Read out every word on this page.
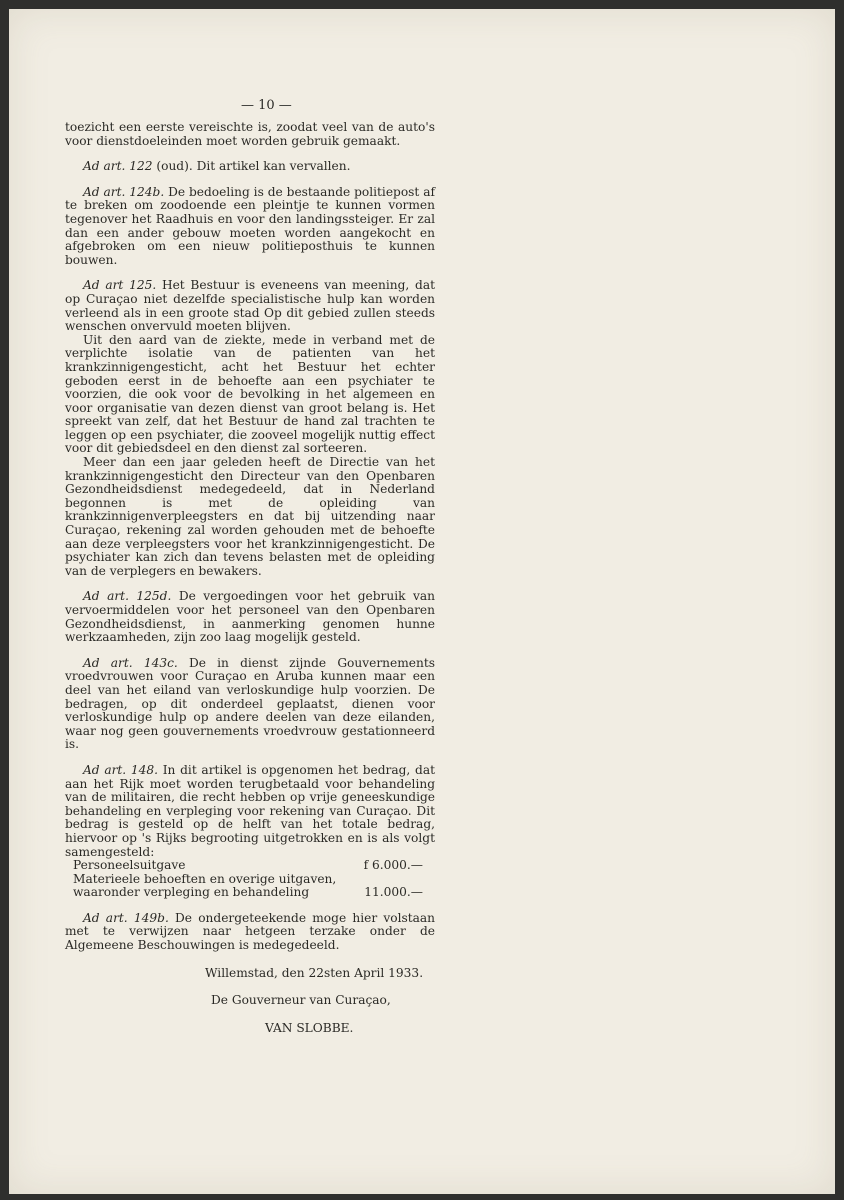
— 10 —

toezicht een eerste vereischte is, zoodat veel van de auto's voor dienstdoeleinden moet worden gebruik gemaakt.

Ad art. 122 (oud). Dit artikel kan vervallen.

Ad art. 124b. De bedoeling is de bestaande politiepost af te breken om zoodoende een pleintje te kunnen vormen tegenover het Raadhuis en voor den landingssteiger. Er zal dan een ander gebouw moeten worden aangekocht en afgebroken om een nieuw politieposthuis te kunnen bouwen.

Ad art 125. Het Bestuur is eveneens van meening, dat op Curaçao niet dezelfde specialistische hulp kan worden verleend als in een groote stad Op dit gebied zullen steeds wenschen onvervuld moeten blijven.

Uit den aard van de ziekte, mede in verband met de verplichte isolatie van de patienten van het krankzinnigengesticht, acht het Bestuur het echter geboden eerst in de behoefte aan een psychiater te voorzien, die ook voor de bevolking in het algemeen en voor organisatie van dezen dienst van groot belang is. Het spreekt van zelf, dat het Bestuur de hand zal trachten te leggen op een psychiater, die zooveel mogelijk nuttig effect voor dit gebiedsdeel en den dienst zal sorteeren.

Meer dan een jaar geleden heeft de Directie van het krankzinnigengesticht den Directeur van den Openbaren Gezondheidsdienst medegedeeld, dat in Nederland begonnen is met de opleiding van krankzinnigenverpleegsters en dat bij uitzending naar Curaçao, rekening zal worden gehouden met de behoefte aan deze verpleegsters voor het krankzinnigengesticht. De psychiater kan zich dan tevens belasten met de opleiding van de verplegers en bewakers.

Ad art. 125d. De vergoedingen voor het gebruik van vervoermiddelen voor het personeel van den Openbaren Gezondheidsdienst, in aanmerking genomen hunne werkzaamheden, zijn zoo laag mogelijk gesteld.

Ad art. 143c. De in dienst zijnde Gouvernements vroedvrouwen voor Curaçao en Aruba kunnen maar een deel van het eiland van verloskundige hulp voorzien. De bedragen, op dit onderdeel geplaatst, dienen voor verloskundige hulp op andere deelen van deze eilanden, waar nog geen gouvernements vroedvrouw gestationneerd is.

Ad art. 148. In dit artikel is opgenomen het bedrag, dat aan het Rijk moet worden terugbetaald voor behandeling van de militairen, die recht hebben op vrije geneeskundige behandeling en verpleging voor rekening van Curaçao. Dit bedrag is gesteld op de helft van het totale bedrag, hiervoor op 's Rijks begrooting uitgetrokken en is als volgt samengesteld:

Personeelsuitgave	f 6.000.—
Materieele behoeften en overige uitgaven,
waaronder verpleging en behandeling	11.000.—

Ad art. 149b. De ondergeteekende moge hier volstaan met te verwijzen naar hetgeen terzake onder de Algemeene Beschouwingen is medegedeeld.

Willemstad, den 22sten April 1933.

De Gouverneur van Curaçao,

VAN SLOBBE.
